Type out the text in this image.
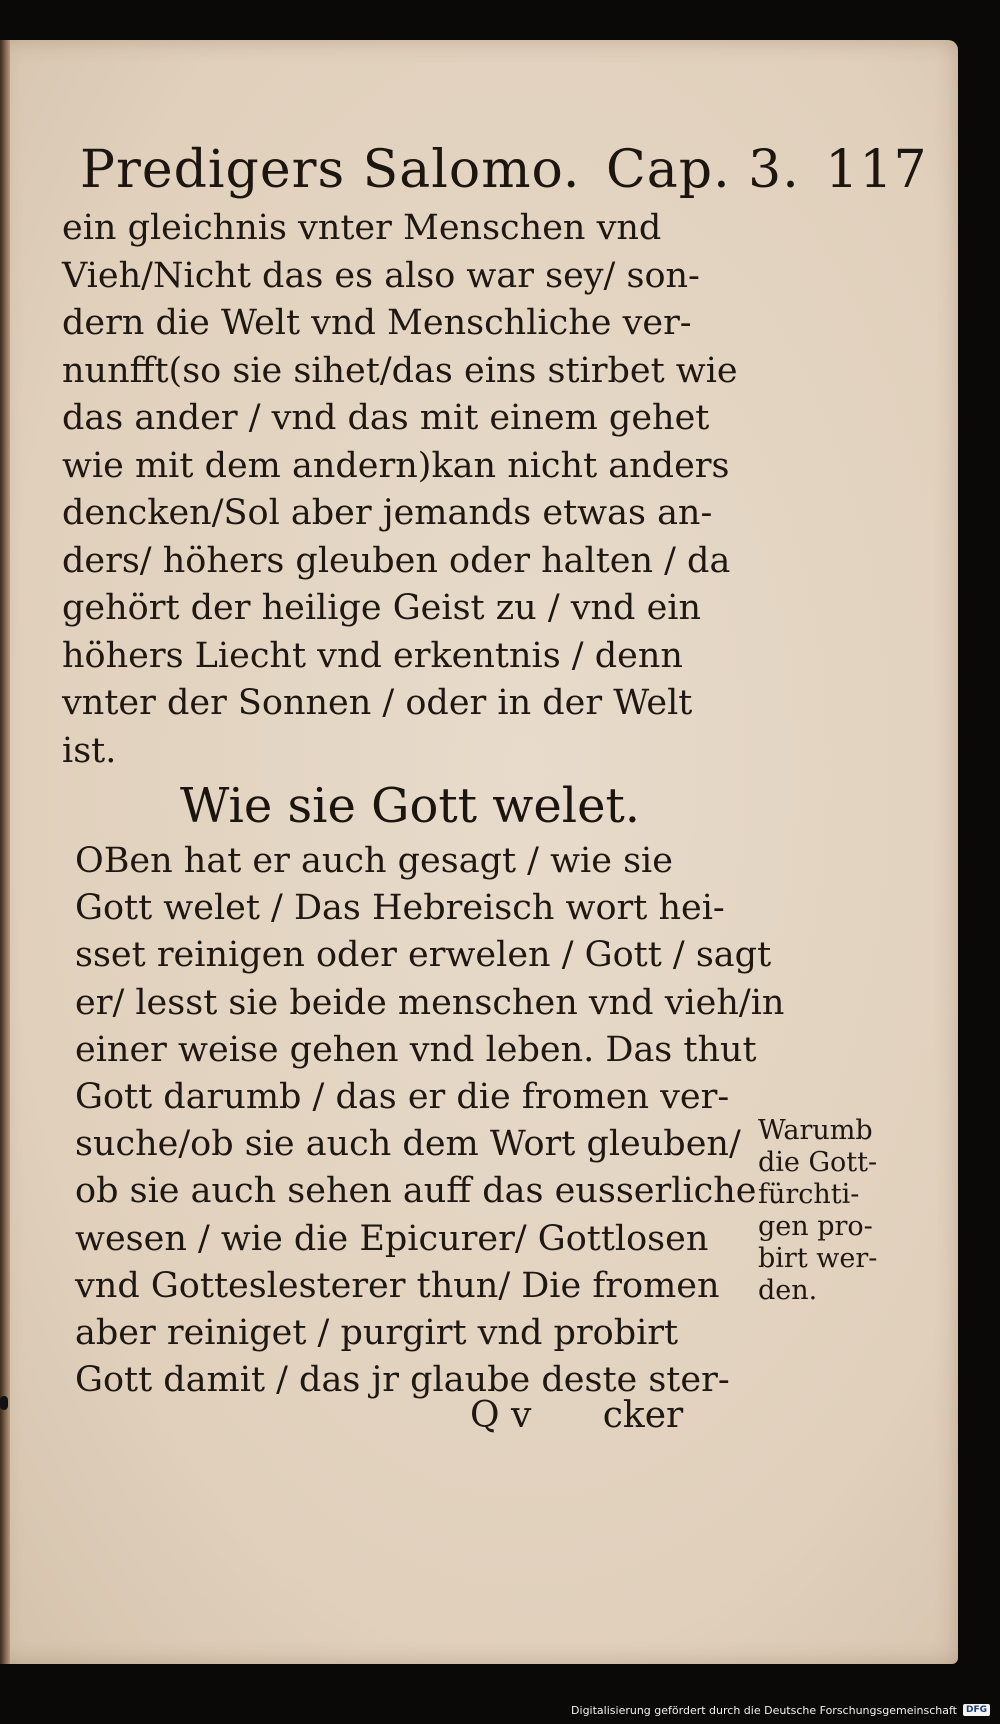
Predigers Salomo. Cap. 3. 117
ein gleichnis vnter Menschen vnd
Vieh/Nicht das es also war sey/ son-
dern die Welt vnd Menschliche ver-
nunfft(so sie sihet/das eins stirbet wie
das ander / vnd das mit einem gehet
wie mit dem andern)kan nicht anders
dencken/Sol aber jemands etwas an-
ders/ höhers gleuben oder halten / da
gehört der heilige Geist zu / vnd ein
höhers Liecht vnd erkentnis / denn
vnter der Sonnen / oder in der Welt
ist.
Wie sie Gott welet.
OBen hat er auch gesagt / wie sie
Gott welet / Das Hebreisch wort hei-
sset reinigen oder erwelen / Gott / sagt
er/ lesst sie beide menschen vnd vieh/in
einer weise gehen vnd leben. Das thut
Gott darumb / das er die fromen ver-
suche/ob sie auch dem Wort gleuben/
ob sie auch sehen auff das eusserliche
wesen / wie die Epicurer/ Gottlosen
vnd Gotteslesterer thun/ Die fromen
aber reiniget / purgirt vnd probirt
Gott damit / das jr glaube deste ster-
Warumb
die Gott-
fürchti-
gen pro-
birt wer-
den.
Q v cker
Digitalisierung gefördert durch die Deutsche Forschungsgemeinschaft	DFG
